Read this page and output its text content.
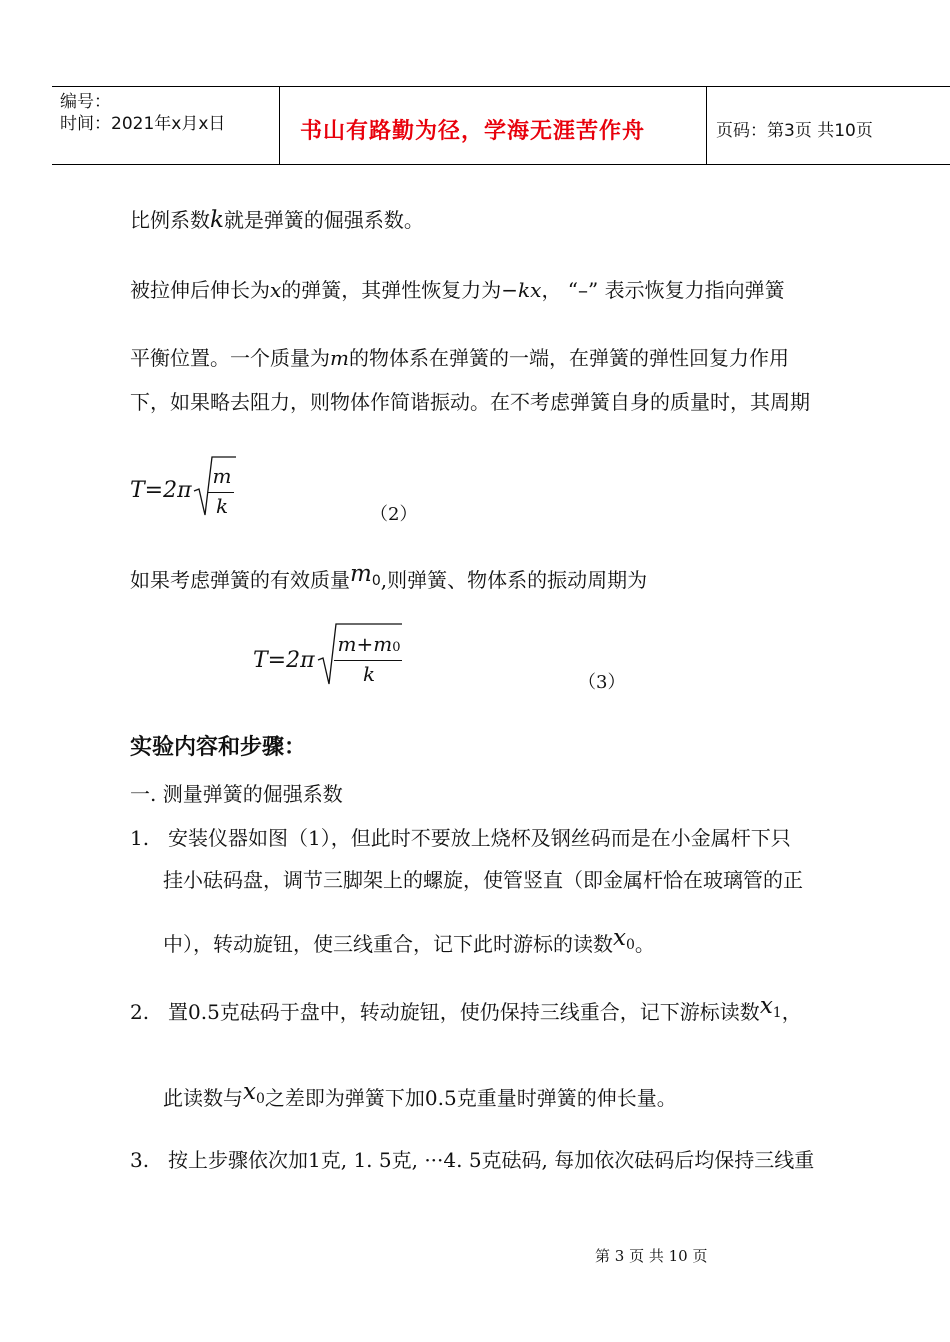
编号：
时间：2021年x月x日	书山有路勤为径，学海无涯苦作舟	页码：第3页 共10页
比例系数k就是弹簧的倔强系数。
被拉伸后伸长为x的弹簧，其弹性恢复力为−kx， “–” 表示恢复力指向弹簧
平衡位置。一个质量为m的物体系在弹簧的一端，在弹簧的弹性回复力作用
下，如果略去阻力，则物体作简谐振动。在不考虑弹簧自身的质量时，其周期
T=2π
m
k	（2）
如果考虑弹簧的有效质量m0,则弹簧、物体系的振动周期为
T=2π
m+m0
k	（3）
实验内容和步骤：
一. 测量弹簧的倔强系数
1. 安装仪器如图（1），但此时不要放上烧杯及钢丝码而是在小金属杆下只
挂小砝码盘，调节三脚架上的螺旋，使管竖直（即金属杆恰在玻璃管的正
中），转动旋钮，使三线重合，记下此时游标的读数x0。
2. 置0.5克砝码于盘中，转动旋钮，使仍保持三线重合，记下游标读数x1，
此读数与x0之差即为弹簧下加0.5克重量时弹簧的伸长量。
3. 按上步骤依次加1克, 1. 5克, ···4. 5克砝码, 每加依次砝码后均保持三线重
第 3 页 共 10 页
